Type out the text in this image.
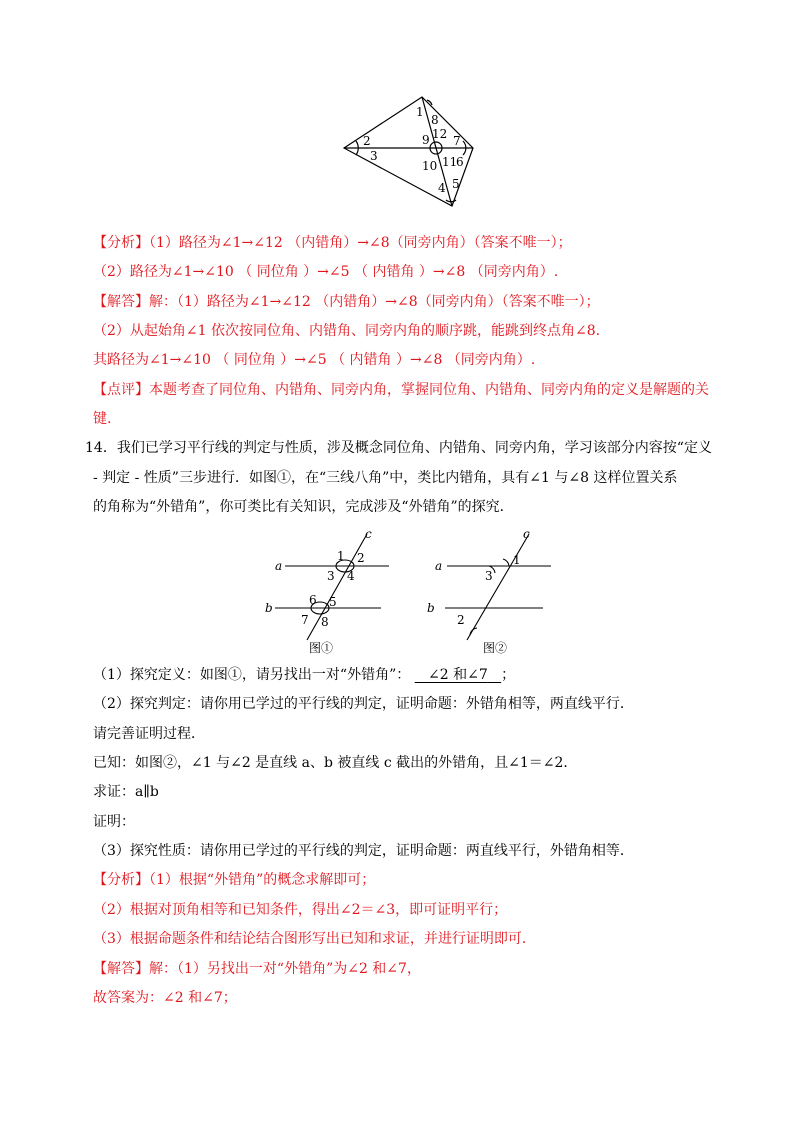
1
8
9 12 7
2
3
10 11
6
4 5
【分析】（1）路径为∠1→∠12 （内错角）→∠8（同旁内角）（答案不唯一）；
（2）路径为∠1→∠10 （ 同位角 ）→∠5 （ 内错角 ）→∠8 （同旁内角）.
【解答】解：（1）路径为∠1→∠12 （内错角）→∠8（同旁内角）（答案不唯一）；
（2）从起始角∠1 依次按同位角、内错角、同旁内角的顺序跳，能跳到终点角∠8.
其路径为∠1→∠10 （ 同位角 ）→∠5 （ 内错角 ）→∠8 （同旁内角）.
【点评】本题考查了同位角、内错角、同旁内角，掌握同位角、内错角、同旁内角的定义是解题的关
键.
14．我们已学习平行线的判定与性质，涉及概念同位角、内错角、同旁内角，学习该部分内容按“定义
- 判定 - 性质”三步进行．如图①，在“三线八角”中，类比内错角，具有∠1 与∠8 这样位置关系
的角称为“外错角”，你可类比有关知识，完成涉及“外错角”的探究．
a
b
c
1 2
3 4
6 5
7 8
图①
a
b
c
1
3
2
图②
（1）探究定义：如图①，请另找出一对“外错角”： ∠2 和∠7 ；
（2）探究判定：请你用已学过的平行线的判定，证明命题：外错角相等，两直线平行．
请完善证明过程．
已知：如图②，∠1 与∠2 是直线 a、b 被直线 c 截出的外错角，且∠1＝∠2．
求证：a∥b
证明：
（3）探究性质：请你用已学过的平行线的判定，证明命题：两直线平行，外错角相等．
【分析】（1）根据“外错角”的概念求解即可；
（2）根据对顶角相等和已知条件，得出∠2＝∠3，即可证明平行；
（3）根据命题条件和结论结合图形写出已知和求证，并进行证明即可．
【解答】解：（1）另找出一对“外错角”为∠2 和∠7，
故答案为：∠2 和∠7；
